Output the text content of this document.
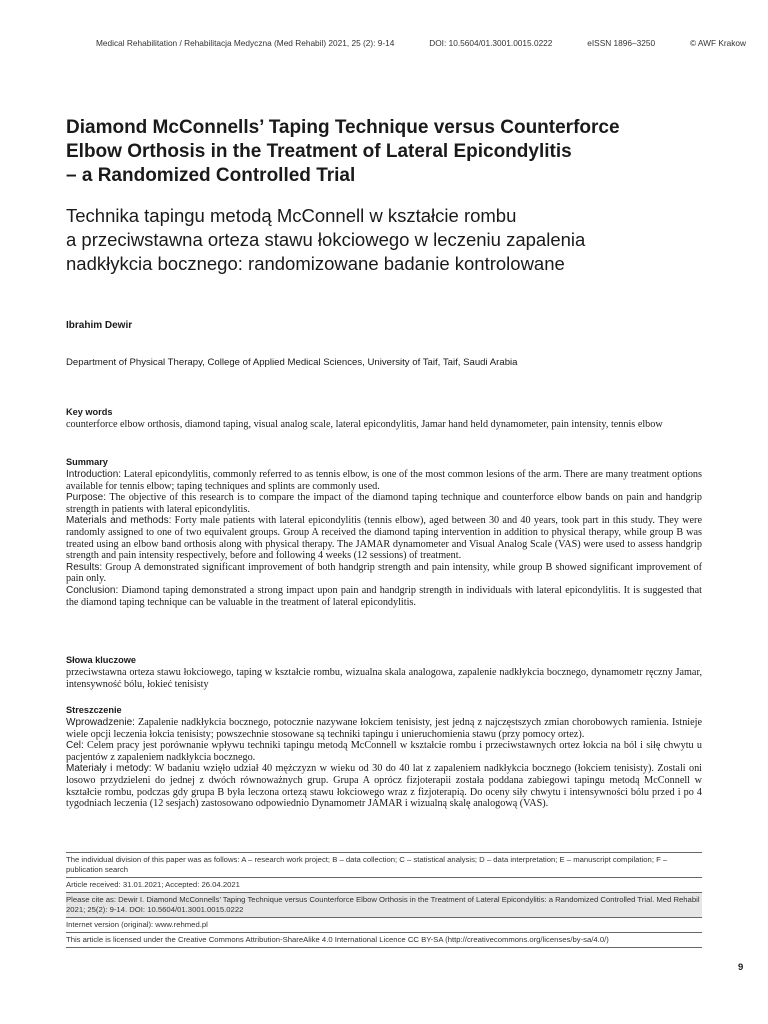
Medical Rehabilitation / Rehabilitacja Medyczna (Med Rehabil) 2021, 25 (2): 9-14	DOI: 10.5604/01.3001.0015.0222	eISSN 1896–3250	© AWF Krakow
Diamond McConnells’ Taping Technique versus Counterforce
Elbow Orthosis in the Treatment of Lateral Epicondylitis
– a Randomized Controlled Trial
Technika tapingu metodą McConnell w kształcie rombu
a przeciwstawna orteza stawu łokciowego w leczeniu zapalenia
nadkłykcia bocznego: randomizowane badanie kontrolowane
Ibrahim Dewir
Department of Physical Therapy, College of Applied Medical Sciences, University of Taif, Taif, Saudi Arabia

Key words

counterforce elbow orthosis, diamond taping, visual analog scale, lateral epicondylitis, Jamar hand held dynamometer, pain intensity, tennis elbow

Summary

Introduction: Lateral epicondylitis, commonly referred to as tennis elbow, is one of the most common lesions of the arm. There are many treatment options available for tennis elbow; taping techniques and splints are commonly used.

Purpose: The objective of this research is to compare the impact of the diamond taping technique and counterforce elbow bands on pain and handgrip strength in patients with lateral epicondylitis.

Materials and methods: Forty male patients with lateral epicondylitis (tennis elbow), aged between 30 and 40 years, took part in this study. They were randomly assigned to one of two equivalent groups. Group A received the diamond taping intervention in addition to physical therapy, while group B was treated using an elbow band orthosis along with physical therapy. The JAMAR dynamometer and Visual Analog Scale (VAS) were used to assess handgrip strength and pain intensity respectively, before and following 4 weeks (12 sessions) of treatment.

Results: Group A demonstrated significant improvement of both handgrip strength and pain intensity, while group B showed significant improvement of pain only.

Conclusion: Diamond taping demonstrated a strong impact upon pain and handgrip strength in individuals with lateral epicondylitis. It is suggested that the diamond taping technique can be valuable in the treatment of lateral epicondylitis.

Słowa kluczowe

przeciwstawna orteza stawu łokciowego, taping w kształcie rombu, wizualna skala analogowa, zapalenie nadkłykcia bocznego, dynamometr ręczny Jamar, intensywność bólu, łokieć tenisisty

Streszczenie

Wprowadzenie: Zapalenie nadkłykcia bocznego, potocznie nazywane łokciem tenisisty, jest jedną z najczęstszych zmian chorobowych ramienia. Istnieje wiele opcji leczenia łokcia tenisisty; powszechnie stosowane są techniki tapingu i unieruchomienia stawu (przy pomocy ortez).

Cel: Celem pracy jest porównanie wpływu techniki tapingu metodą McConnell w kształcie rombu i przeciwstawnych ortez łokcia na ból i siłę chwytu u pacjentów z zapaleniem nadkłykcia bocznego.

Materiały i metody: W badaniu wzięło udział 40 mężczyzn w wieku od 30 do 40 lat z zapaleniem nadkłykcia bocznego (łokciem tenisisty). Zostali oni losowo przydzieleni do jednej z dwóch równoważnych grup. Grupa A oprócz fizjoterapii została poddana zabiegowi tapingu metodą McConnell w kształcie rombu, podczas gdy grupa B była leczona ortezą stawu łokciowego wraz z fizjoterapią. Do oceny siły chwytu i intensywności bólu przed i po 4 tygodniach leczenia (12 sesjach) zastosowano odpowiednio Dynamometr JAMAR i wizualną skalę analogową (VAS).

The individual division of this paper was as follows: A – research work project; B – data collection; C – statistical analysis; D – data interpretation; E – manuscript compilation; F – publication search
Article received: 31.01.2021; Accepted: 26.04.2021
Please cite as: Dewir I. Diamond McConnells’ Taping Technique versus Counterforce Elbow Orthosis in the Treatment of Lateral Epicondylitis: a Randomized Controlled Trial. Med Rehabil 2021; 25(2): 9-14. DOI: 10.5604/01.3001.0015.0222
Internet version (original): www.rehmed.pl
This article is licensed under the Creative Commons Attribution-ShareAlike 4.0 International Licence CC BY-SA (http://creativecommons.org/licenses/by-sa/4.0/)
9
